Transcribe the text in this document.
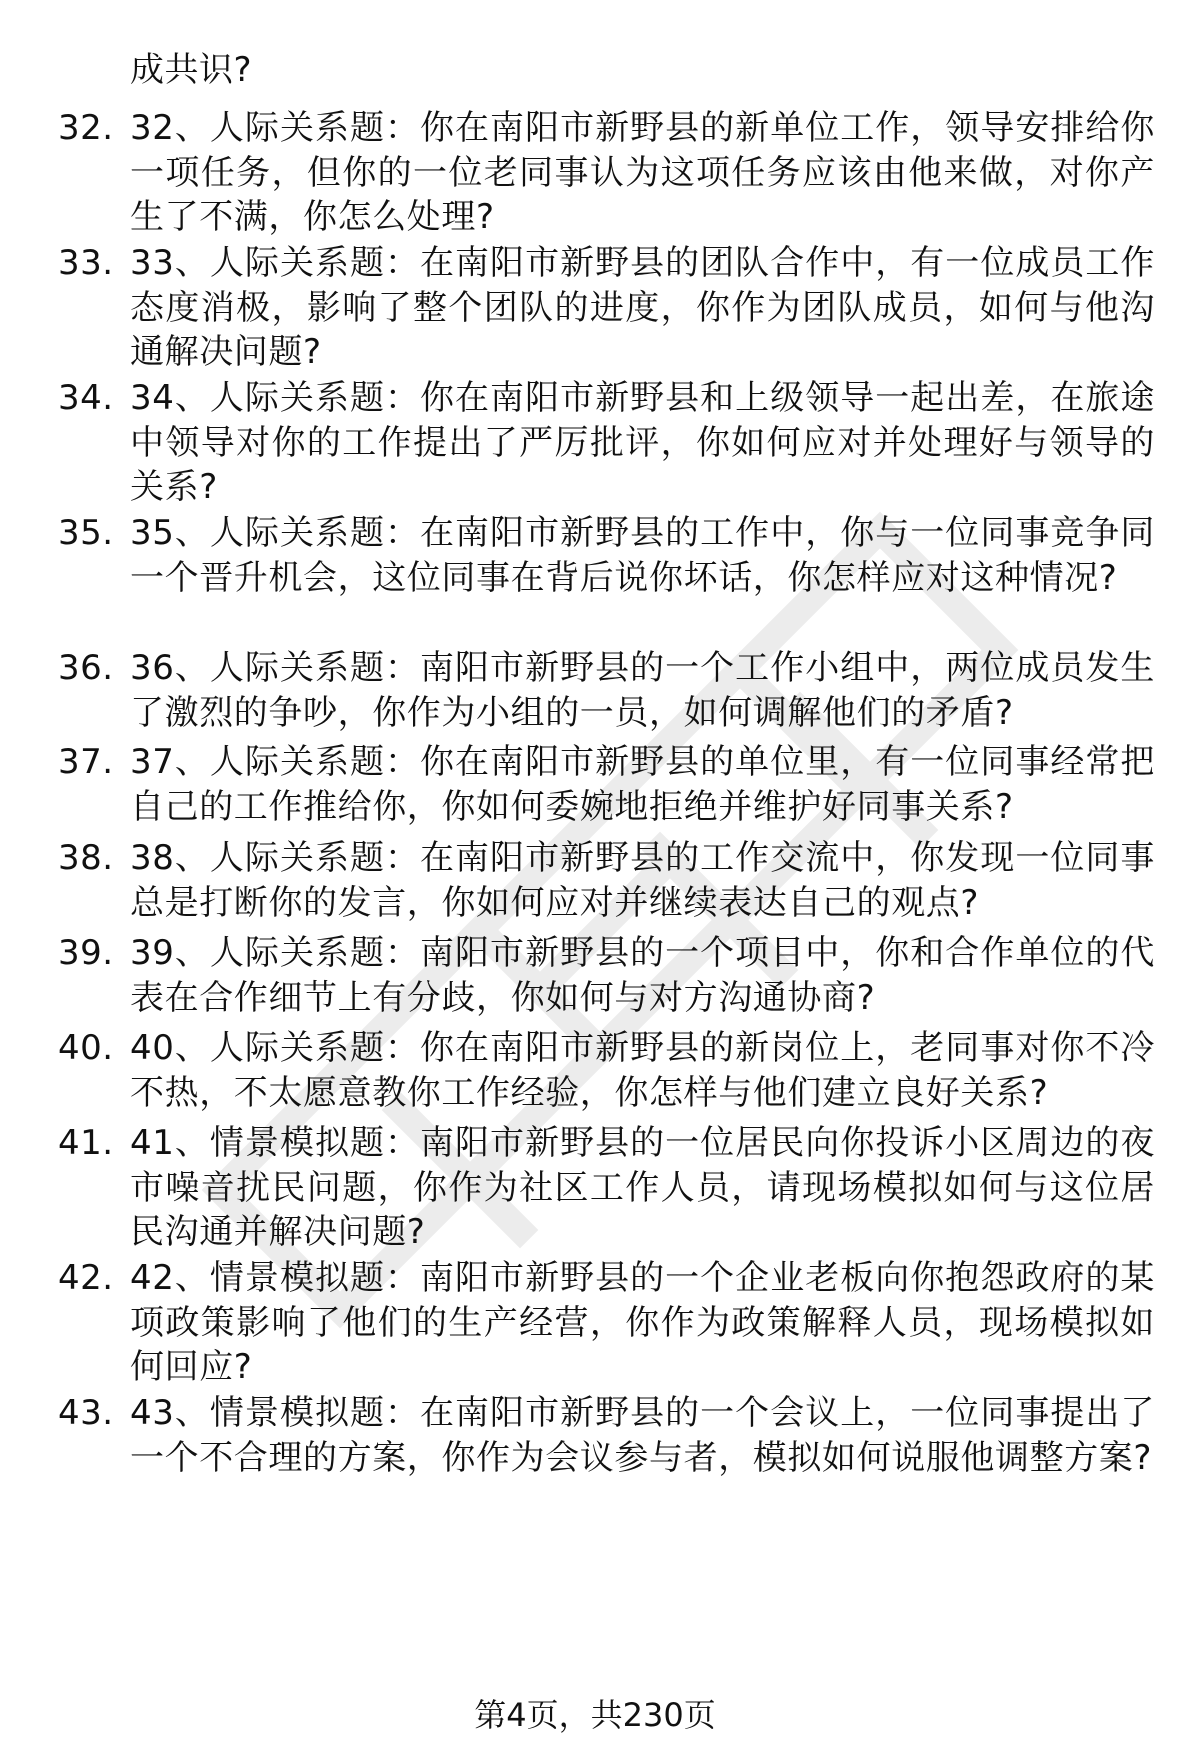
成共识?
32. 32、人际关系题：你在南阳市新野县的新单位工作，领导安排给你一项任务，但你的一位老同事认为这项任务应该由他来做，对你产生了不满，你怎么处理?
33. 33、人际关系题：在南阳市新野县的团队合作中，有一位成员工作态度消极，影响了整个团队的进度，你作为团队成员，如何与他沟通解决问题?
34. 34、人际关系题：你在南阳市新野县和上级领导一起出差，在旅途中领导对你的工作提出了严厉批评，你如何应对并处理好与领导的关系?
35. 35、人际关系题：在南阳市新野县的工作中，你与一位同事竞争同一个晋升机会，这位同事在背后说你坏话，你怎样应对这种情况?
36. 36、人际关系题：南阳市新野县的一个工作小组中，两位成员发生了激烈的争吵，你作为小组的一员，如何调解他们的矛盾?
37. 37、人际关系题：你在南阳市新野县的单位里，有一位同事经常把自己的工作推给你，你如何委婉地拒绝并维护好同事关系?
38. 38、人际关系题：在南阳市新野县的工作交流中，你发现一位同事总是打断你的发言，你如何应对并继续表达自己的观点?
39. 39、人际关系题：南阳市新野县的一个项目中，你和合作单位的代表在合作细节上有分歧，你如何与对方沟通协商?
40. 40、人际关系题：你在南阳市新野县的新岗位上，老同事对你不冷不热，不太愿意教你工作经验，你怎样与他们建立良好关系?
41. 41、情景模拟题：南阳市新野县的一位居民向你投诉小区周边的夜市噪音扰民问题，你作为社区工作人员，请现场模拟如何与这位居民沟通并解决问题?
42. 42、情景模拟题：南阳市新野县的一个企业老板向你抱怨政府的某项政策影响了他们的生产经营，你作为政策解释人员，现场模拟如何回应?
43. 43、情景模拟题：在南阳市新野县的一个会议上，一位同事提出了一个不合理的方案，你作为会议参与者，模拟如何说服他调整方案?
第4页，共230页
